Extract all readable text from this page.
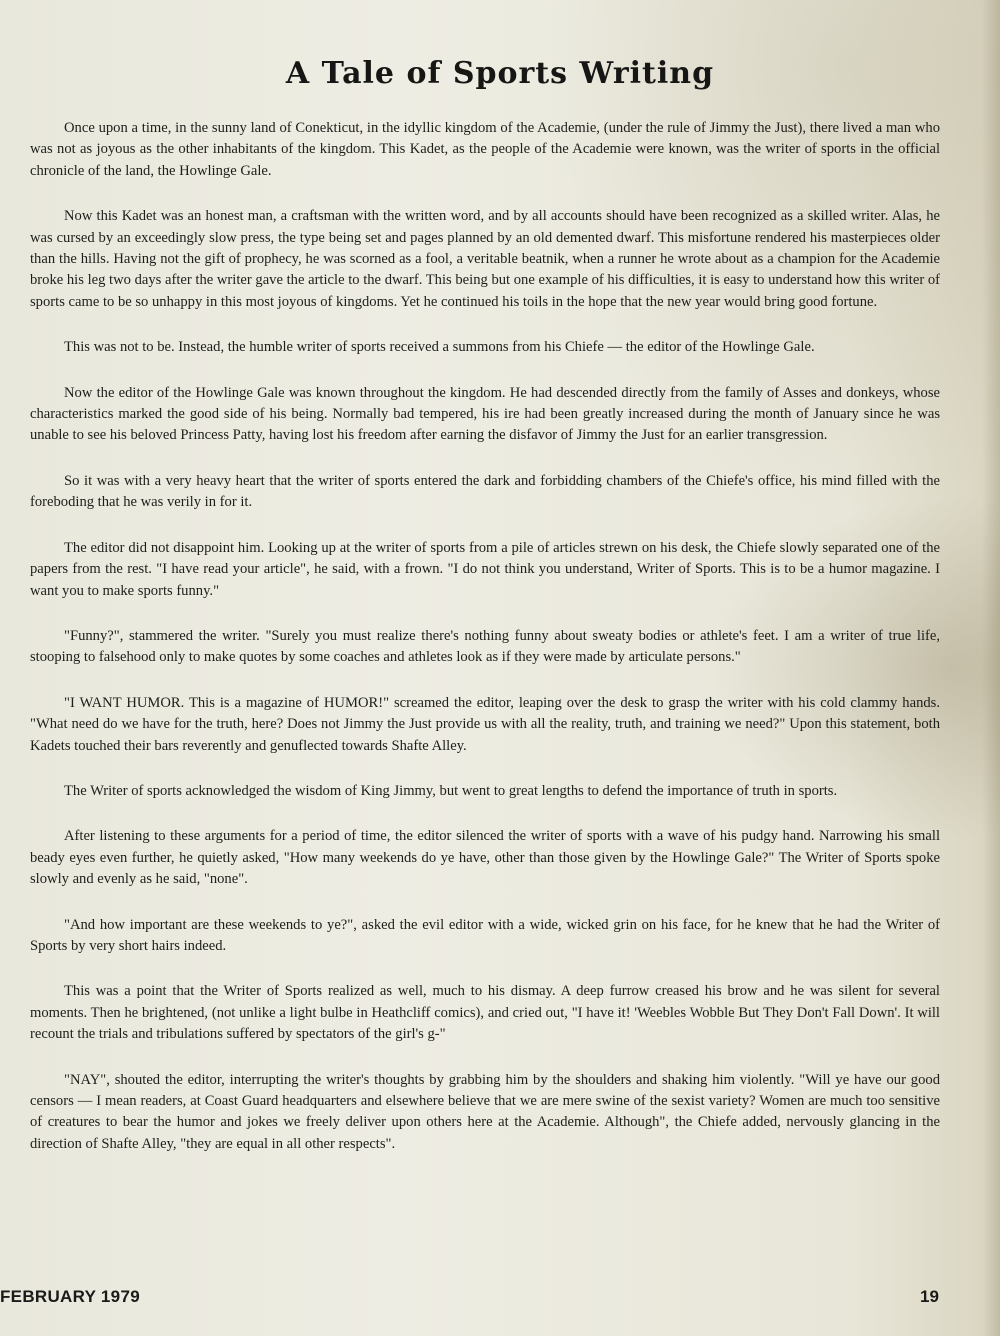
A Tale of Sports Writing

Once upon a time, in the sunny land of Conekticut, in the idyllic kingdom of the Academie, (under the rule of Jimmy the Just), there lived a man who was not as joyous as the other inhabitants of the kingdom. This Kadet, as the people of the Academie were known, was the writer of sports in the official chronicle of the land, the Howlinge Gale.

Now this Kadet was an honest man, a craftsman with the written word, and by all accounts should have been recognized as a skilled writer. Alas, he was cursed by an exceedingly slow press, the type being set and pages planned by an old demented dwarf. This misfortune rendered his masterpieces older than the hills. Having not the gift of prophecy, he was scorned as a fool, a veritable beatnik, when a runner he wrote about as a champion for the Academie broke his leg two days after the writer gave the article to the dwarf. This being but one example of his difficulties, it is easy to understand how this writer of sports came to be so unhappy in this most joyous of kingdoms. Yet he continued his toils in the hope that the new year would bring good fortune.

This was not to be. Instead, the humble writer of sports received a summons from his Chiefe — the editor of the Howlinge Gale.

Now the editor of the Howlinge Gale was known throughout the kingdom. He had descended directly from the family of Asses and donkeys, whose characteristics marked the good side of his being. Normally bad tempered, his ire had been greatly increased during the month of January since he was unable to see his beloved Princess Patty, having lost his freedom after earning the disfavor of Jimmy the Just for an earlier transgression.

So it was with a very heavy heart that the writer of sports entered the dark and forbidding chambers of the Chiefe's office, his mind filled with the foreboding that he was verily in for it.

The editor did not disappoint him. Looking up at the writer of sports from a pile of articles strewn on his desk, the Chiefe slowly separated one of the papers from the rest. "I have read your article", he said, with a frown. "I do not think you understand, Writer of Sports. This is to be a humor magazine. I want you to make sports funny."

"Funny?", stammered the writer. "Surely you must realize there's nothing funny about sweaty bodies or athlete's feet. I am a writer of true life, stooping to falsehood only to make quotes by some coaches and athletes look as if they were made by articulate persons."

"I WANT HUMOR. This is a magazine of HUMOR!" screamed the editor, leaping over the desk to grasp the writer with his cold clammy hands. "What need do we have for the truth, here? Does not Jimmy the Just provide us with all the reality, truth, and training we need?" Upon this statement, both Kadets touched their bars reverently and genuflected towards Shafte Alley.

The Writer of sports acknowledged the wisdom of King Jimmy, but went to great lengths to defend the importance of truth in sports.

After listening to these arguments for a period of time, the editor silenced the writer of sports with a wave of his pudgy hand. Narrowing his small beady eyes even further, he quietly asked, "How many weekends do ye have, other than those given by the Howlinge Gale?" The Writer of Sports spoke slowly and evenly as he said, "none".

"And how important are these weekends to ye?", asked the evil editor with a wide, wicked grin on his face, for he knew that he had the Writer of Sports by very short hairs indeed.

This was a point that the Writer of Sports realized as well, much to his dismay. A deep furrow creased his brow and he was silent for several moments. Then he brightened, (not unlike a light bulbe in Heathcliff comics), and cried out, "I have it! 'Weebles Wobble But They Don't Fall Down'. It will recount the trials and tribulations suffered by spectators of the girl's g-"

"NAY", shouted the editor, interrupting the writer's thoughts by grabbing him by the shoulders and shaking him violently. "Will ye have our good censors — I mean readers, at Coast Guard headquarters and elsewhere believe that we are mere swine of the sexist variety? Women are much too sensitive of creatures to bear the humor and jokes we freely deliver upon others here at the Academie. Although", the Chiefe added, nervously glancing in the direction of Shafte Alley, "they are equal in all other respects".

FEBRUARY 1979	19
